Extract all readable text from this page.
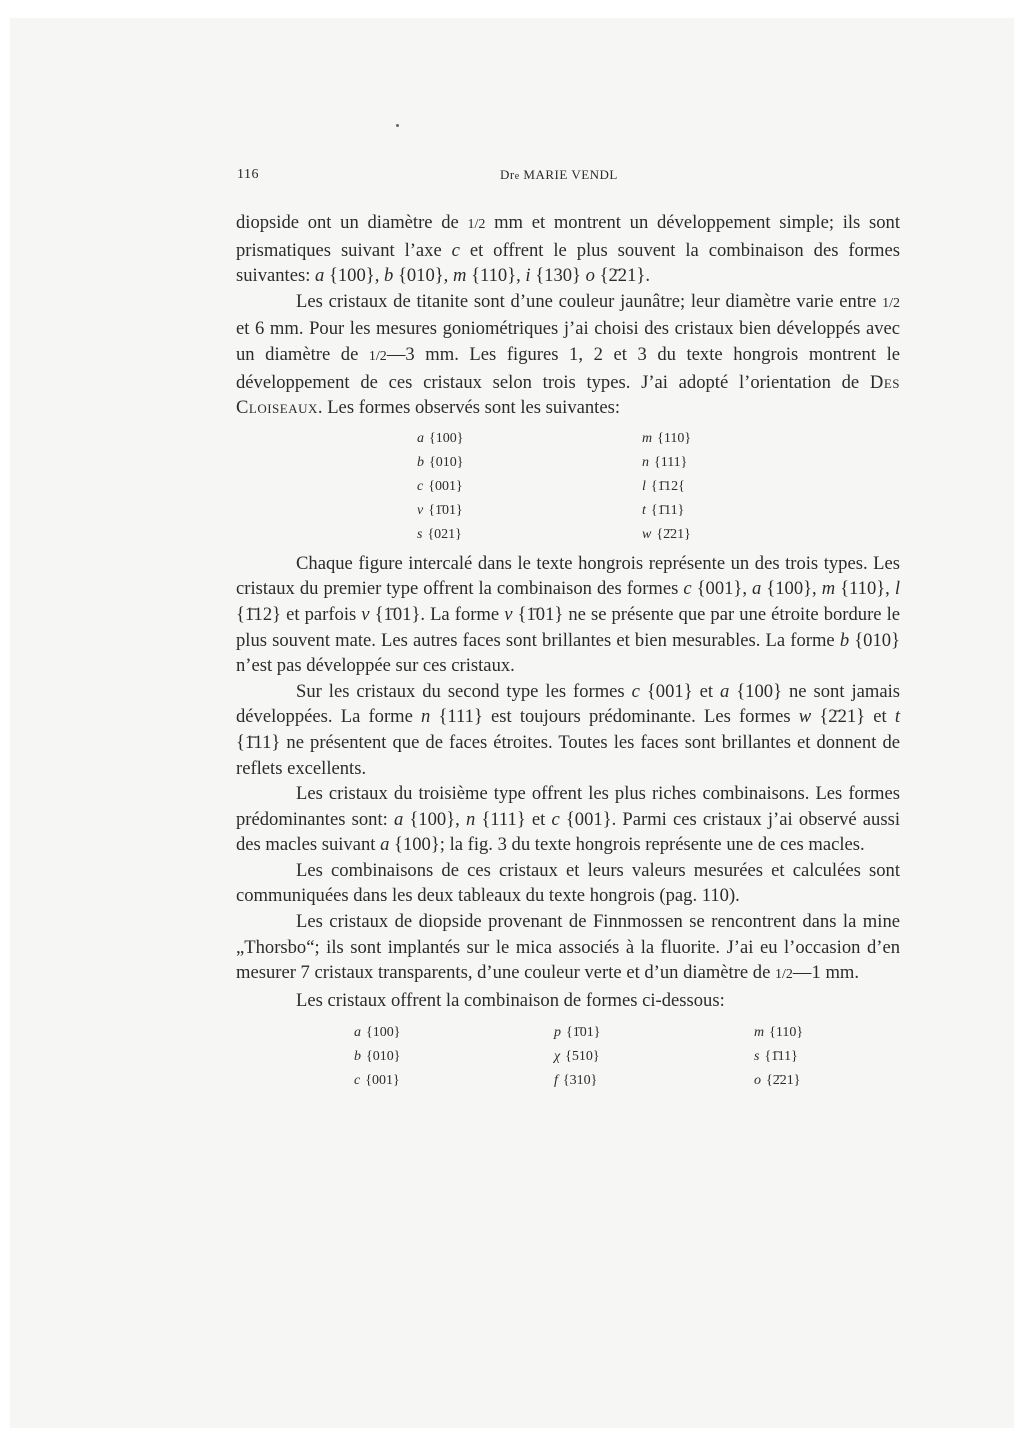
116	Dre MARIE VENDL

diopside ont un diamètre de 1/2 mm et montrent un développement simple; ils sont prismatiques suivant l’axe c et offrent le plus souvent la combinaison des formes suivantes: a {100}, b {010}, m {110}, i {130} o {2̄21}.

Les cristaux de titanite sont d’une couleur jaunâtre; leur diamètre varie entre 1/2 et 6 mm. Pour les mesures goniométriques j’ai choisi des cristaux bien développés avec un diamètre de 1/2—3 mm. Les figures 1, 2 et 3 du texte hongrois montrent le développement de ces cristaux selon trois types. J’ai adopté l’orientation de Des Cloiseaux. Les formes observés sont les suivantes:

a {100}	m {110}
b {010}	n {111}
c {001}	l {1̄12{
v {1̄01}	t {1̄11}
s {021}	w {2̄21}

Chaque figure intercalé dans le texte hongrois représente un des trois types. Les cristaux du premier type offrent la combinaison des formes c {001}, a {100}, m {110}, l {1̄12} et parfois v {1̄01}. La forme v {1̄01} ne se présente que par une étroite bordure le plus souvent mate. Les autres faces sont brillantes et bien mesurables. La forme b {010} n’est pas développée sur ces cristaux.

Sur les cristaux du second type les formes c {001} et a {100} ne sont jamais développées. La forme n {111} est toujours prédominante. Les formes w {2̄21} et t {1̄11} ne présentent que de faces étroites. Toutes les faces sont brillantes et donnent de reflets excellents.

Les cristaux du troisième type offrent les plus riches combinaisons. Les formes prédominantes sont: a {100}, n {111} et c {001}. Parmi ces cristaux j’ai observé aussi des macles suivant a {100}; la fig. 3 du texte hongrois représente une de ces macles.

Les combinaisons de ces cristaux et leurs valeurs mesurées et calculées sont communiquées dans les deux tableaux du texte hongrois (pag. 110).

Les cristaux de diopside provenant de Finnmossen se rencontrent dans la mine „Thorsbo“; ils sont implantés sur le mica associés à la fluorite. J’ai eu l’occasion d’en mesurer 7 cristaux transparents, d’une couleur verte et d’un diamètre de 1/2—1 mm.

Les cristaux offrent la combinaison de formes ci-dessous:

a {100}	p {1̄01}	m {110}
b {010}	χ {510}	s {1̄11}
c {001}	f {310}	o {2̄21}
